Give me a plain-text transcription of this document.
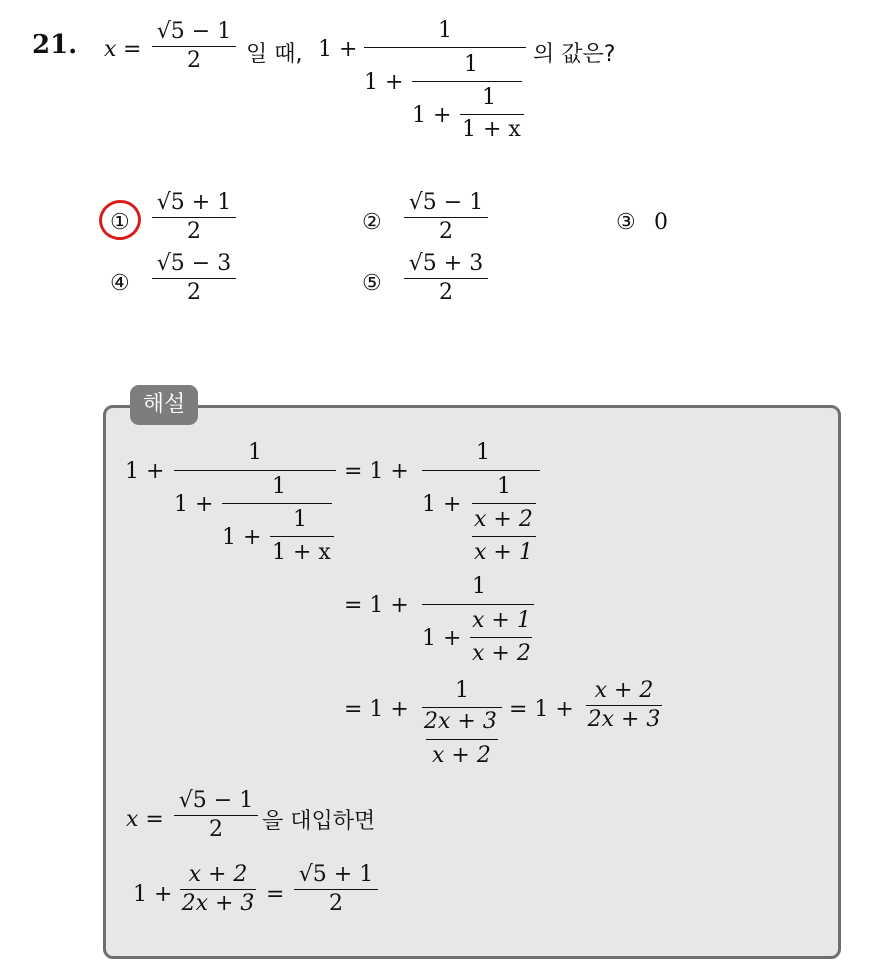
21. x =
√5 − 1
2	일 때, 1 +
1
1 +
1
1 +
1
1 + x
의 값은?
①
√5 + 1
2	②
√5 − 1
2	③ 0
④
√5 − 3
2	⑤
√5 + 3
2
해설
1 +
1
1 +
1
1 +
1
1 + x
= 1 +
1
1 +
1
x + 2
x + 1
= 1 +
1
1 +
x + 1
x + 2
= 1 +
1
2x + 3
x + 2
= 1 +
x + 2
2x + 3
x =
√5 − 1
2	을 대입하면
1 +
x + 2
2x + 3 =
√5 + 1
2
